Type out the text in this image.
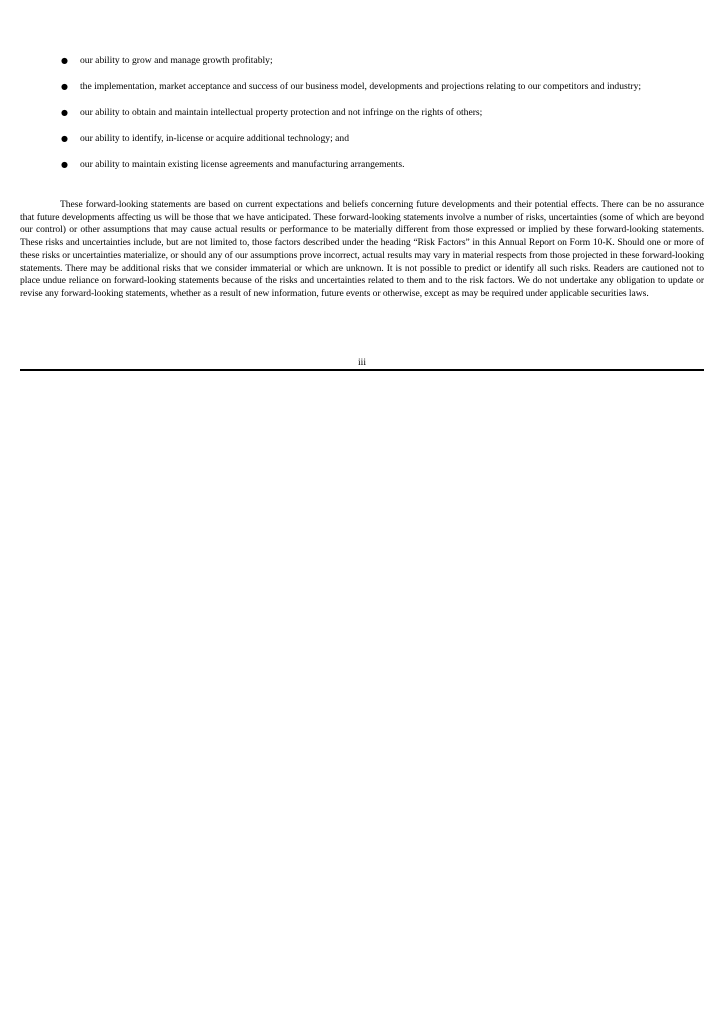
● our ability to grow and manage growth profitably;
● the implementation, market acceptance and success of our business model, developments and projections relating to our competitors and industry;
● our ability to obtain and maintain intellectual property protection and not infringe on the rights of others;
● our ability to identify, in-license or acquire additional technology; and
● our ability to maintain existing license agreements and manufacturing arrangements.

These forward-looking statements are based on current expectations and beliefs concerning future developments and their potential effects. There can be no assurance that future developments affecting us will be those that we have anticipated. These forward-looking statements involve a number of risks, uncertainties (some of which are beyond our control) or other assumptions that may cause actual results or performance to be materially different from those expressed or implied by these forward-looking statements. These risks and uncertainties include, but are not limited to, those factors described under the heading “Risk Factors” in this Annual Report on Form 10-K. Should one or more of these risks or uncertainties materialize, or should any of our assumptions prove incorrect, actual results may vary in material respects from those projected in these forward-looking statements. There may be additional risks that we consider immaterial or which are unknown. It is not possible to predict or identify all such risks. Readers are cautioned not to place undue reliance on forward-looking statements because of the risks and uncertainties related to them and to the risk factors. We do not undertake any obligation to update or revise any forward-looking statements, whether as a result of new information, future events or otherwise, except as may be required under applicable securities laws.

iii
